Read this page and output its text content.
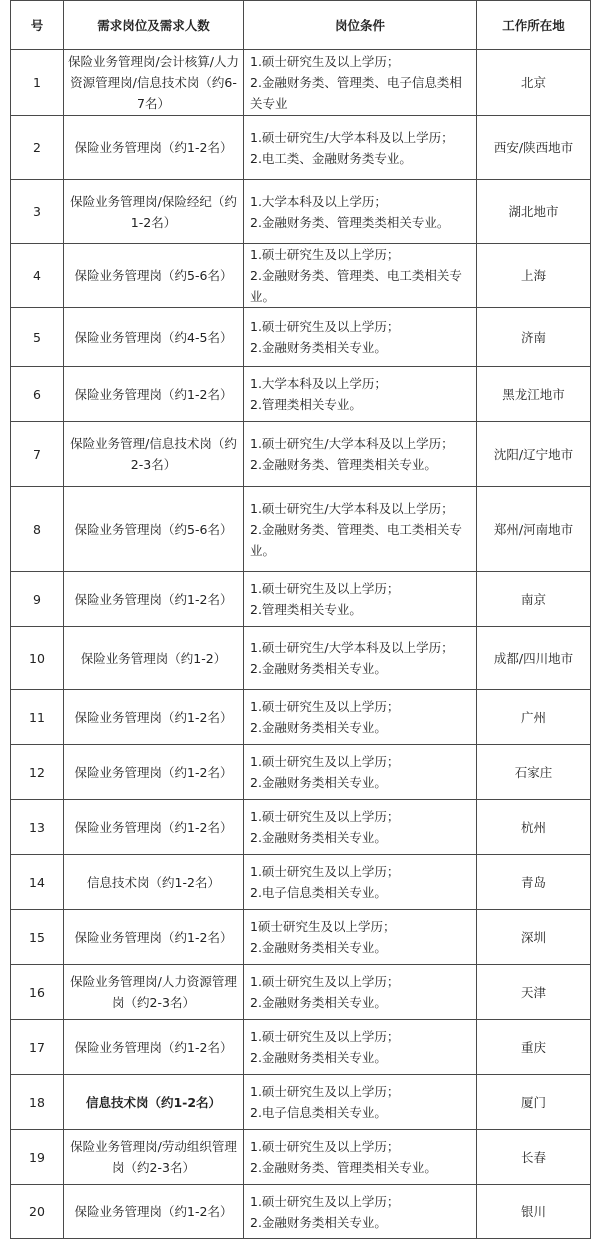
号	需求岗位及需求人数	岗位条件	工作所在地
1	保险业务管理岗/会计核算/人力资源管理岗/信息技术岗（约6-7名）	1.硕士研究生及以上学历；
2.金融财务类、管理类、电子信息类相关专业	北京
2	保险业务管理岗（约1-2名）	1.硕士研究生/大学本科及以上学历；
2.电工类、金融财务类专业。	西安/陕西地市
3	保险业务管理岗/保险经纪（约1-2名）	1.大学本科及以上学历；
2.金融财务类、管理类类相关专业。	湖北地市
4	保险业务管理岗（约5-6名）	1.硕士研究生及以上学历；
2.金融财务类、管理类、电工类相关专业。	上海
5	保险业务管理岗（约4-5名）	1.硕士研究生及以上学历；
2.金融财务类相关专业。	济南
6	保险业务管理岗（约1-2名）	1.大学本科及以上学历；
2.管理类相关专业。	黑龙江地市
7	保险业务管理/信息技术岗（约2-3名）	1.硕士研究生/大学本科及以上学历；
2.金融财务类、管理类相关专业。	沈阳/辽宁地市
8	保险业务管理岗（约5-6名）	1.硕士研究生/大学本科及以上学历；
2.金融财务类、管理类、电工类相关专业。	郑州/河南地市
9	保险业务管理岗（约1-2名）	1.硕士研究生及以上学历；
2.管理类相关专业。	南京
10	保险业务管理岗（约1-2）	1.硕士研究生/大学本科及以上学历；
2.金融财务类相关专业。	成都/四川地市
11	保险业务管理岗（约1-2名）	1.硕士研究生及以上学历；
2.金融财务类相关专业。	广州
12	保险业务管理岗（约1-2名）	1.硕士研究生及以上学历；
2.金融财务类相关专业。	石家庄
13	保险业务管理岗（约1-2名）	1.硕士研究生及以上学历；
2.金融财务类相关专业。	杭州
14	信息技术岗（约1-2名）	1.硕士研究生及以上学历；
2.电子信息类相关专业。	青岛
15	保险业务管理岗（约1-2名）	1硕士研究生及以上学历；
2.金融财务类相关专业。	深圳
16	保险业务管理岗/人力资源管理岗（约2-3名）	1.硕士研究生及以上学历；
2.金融财务类相关专业。	天津
17	保险业务管理岗（约1-2名）	1.硕士研究生及以上学历；
2.金融财务类相关专业。	重庆
18	信息技术岗（约1-2名）	1.硕士研究生及以上学历；
2.电子信息类相关专业。	厦门
19	保险业务管理岗/劳动组织管理岗（约2-3名）	1.硕士研究生及以上学历；
2.金融财务类、管理类相关专业。	长春
20	保险业务管理岗（约1-2名）	1.硕士研究生及以上学历；
2.金融财务类相关专业。	银川
